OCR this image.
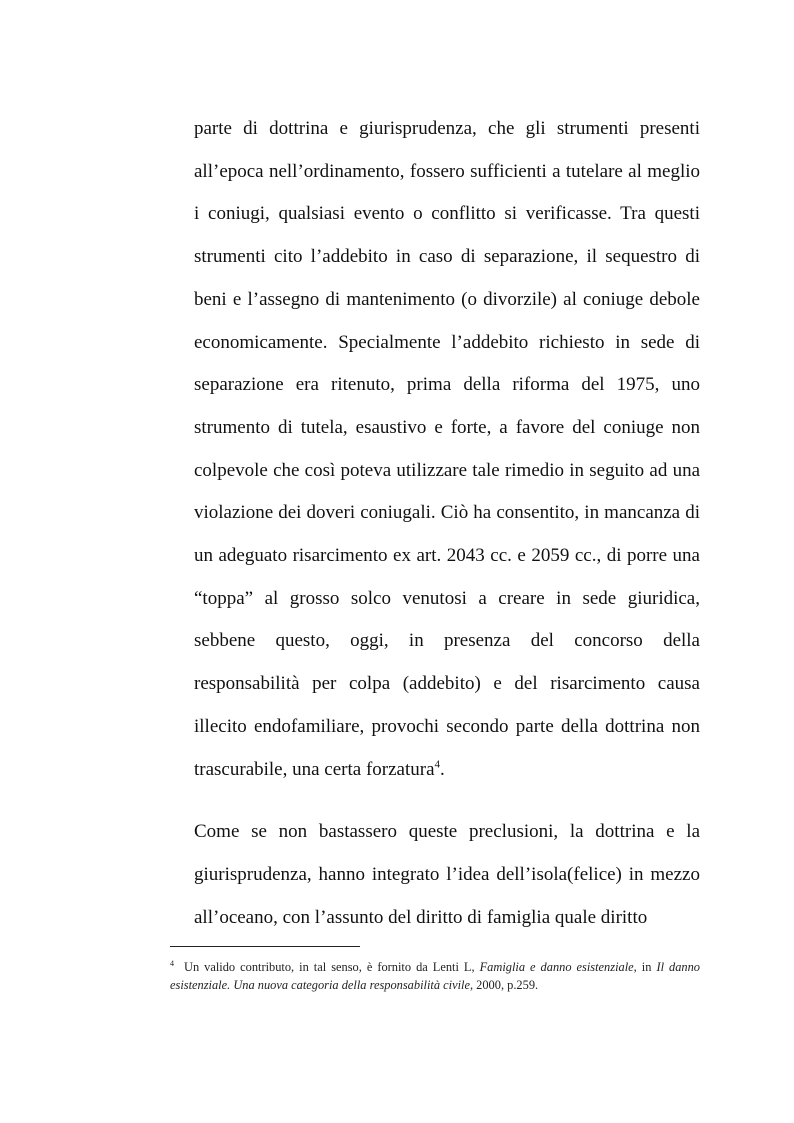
parte di dottrina e giurisprudenza, che gli strumenti presenti all’epoca nell’ordinamento, fossero sufficienti a tutelare al meglio i coniugi, qualsiasi evento o conflitto si verificasse. Tra questi strumenti cito l’addebito in caso di separazione, il sequestro di beni e l’assegno di mantenimento (o divorzile) al coniuge debole economicamente. Specialmente l’addebito richiesto in sede di separazione era ritenuto, prima della riforma del 1975, uno strumento di tutela, esaustivo e forte, a favore del coniuge non colpevole che così poteva utilizzare tale rimedio in seguito ad una violazione dei doveri coniugali. Ciò ha consentito, in mancanza di un adeguato risarcimento ex art. 2043 cc. e 2059 cc., di porre una “toppa” al grosso solco venutosi a creare in sede giuridica, sebbene questo, oggi, in presenza del concorso della responsabilità per colpa (addebito) e del risarcimento causa illecito endofamiliare, provochi secondo parte della dottrina non trascurabile, una certa forzatura$^4$.

Come se non bastassero queste preclusioni, la dottrina e la giurisprudenza, hanno integrato l’idea dell’isola(felice) in mezzo all’oceano, con l’assunto del diritto di famiglia quale diritto

$^4$ Un valido contributo, in tal senso, è fornito da Lenti L, Famiglia e danno esistenziale, in Il danno esistenziale. Una nuova categoria della responsabilità civile, 2000, p.259.
